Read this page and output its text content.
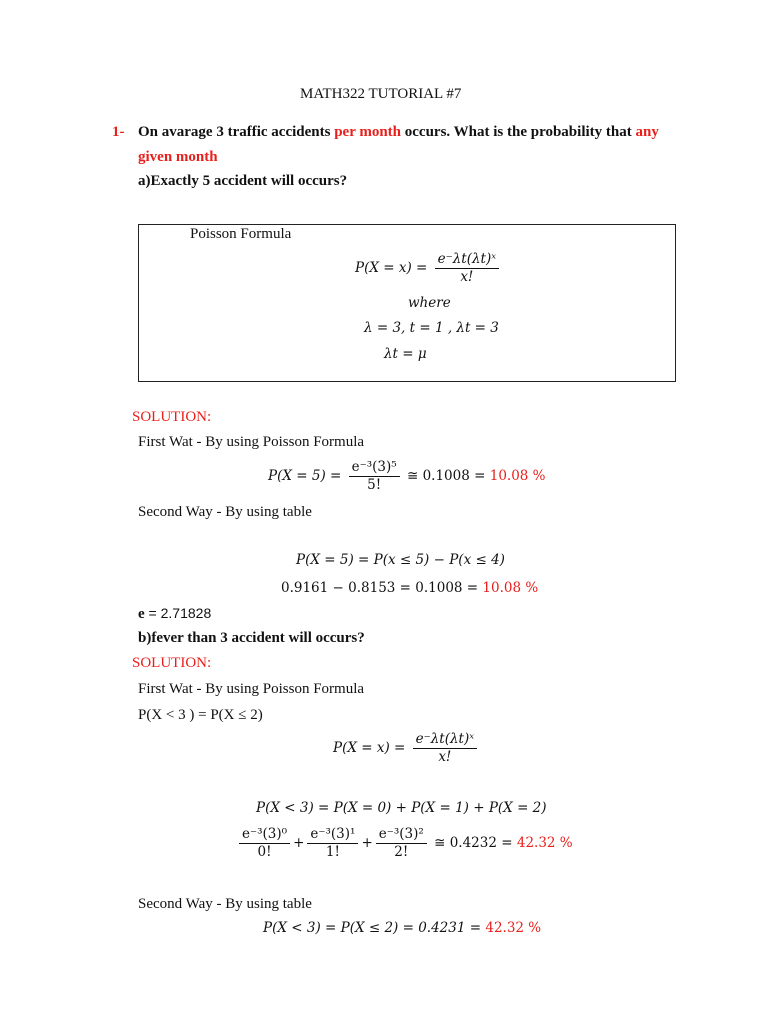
MATH322 TUTORIAL #7
1- On avarage 3 traffic accidents per month occurs. What is the probability that any
given month
a)Exactly 5 accident will occurs?
Poisson Formula
$P(X = x) = \frac{\text{e⁻λt(λt)ˣ}}{x!}$
where
λ = 3, t = 1 , λt = 3
λt = μ
SOLUTION:
First Wat - By using Poisson Formula
$P(X = 5) = \frac{\text{e⁻³(3)⁵}}{5!}$ ≅ 0.1008 = 10.08 %
Second Way - By using table
P(X = 5) = P(x ≤ 5) − P(x ≤ 4)
0.9161 − 0.8153 = 0.1008 = 10.08 %
e = 2.71828
b)fever than 3 accident will occurs?
SOLUTION:
First Wat - By using Poisson Formula
P(X < 3 ) = P(X ≤ 2)
$P(X = x) = \frac{\text{e⁻λt(λt)ˣ}}{x!}$
P(X < 3) = P(X = 0) + P(X = 1) + P(X = 2)
$\frac{\text{e⁻³(3)⁰}}{0!} + \frac{\text{e⁻³(3)¹}}{1!} + \frac{\text{e⁻³(3)²}}{2!}$ ≅ 0.4232 = 42.32 %
Second Way - By using table
P(X < 3) = P(X ≤ 2) = 0.4231 = 42.32 %
